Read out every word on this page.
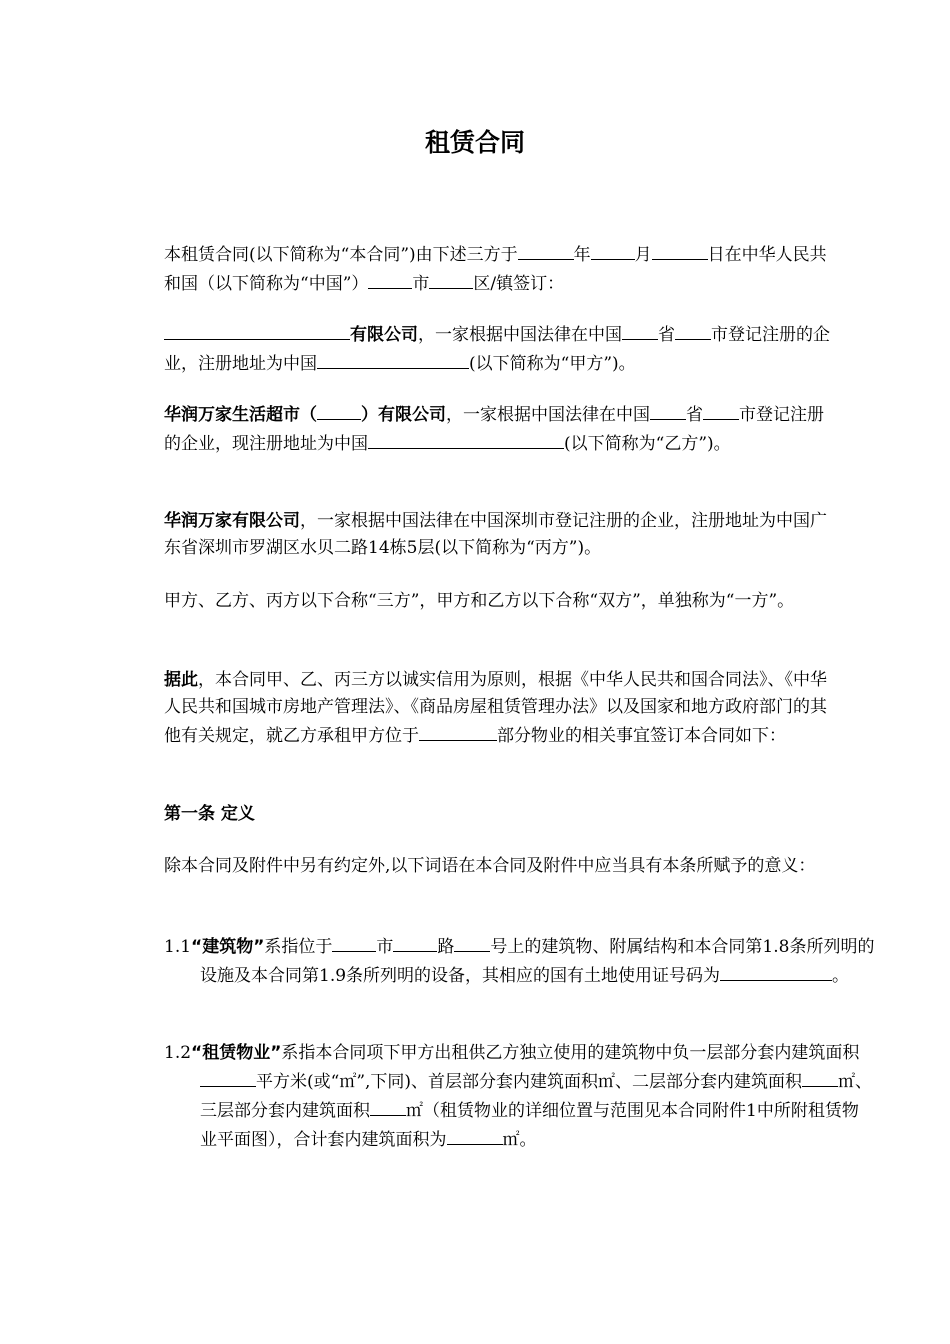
租赁合同
本租赁合同(以下简称为“本合同”)由下述三方于	年	月	日在中华人民共和国（以下简称为“中国”）	市	区/镇签订：
有限公司，一家根据中国法律在中国 省 市登记注册的企业，注册地址为中国	(以下简称为“甲方”)。
华润万家生活超市（	）有限公司，一家根据中国法律在中国 省 市登记注册的企业，现注册地址为中国	(以下简称为“乙方”)。
华润万家有限公司，一家根据中国法律在中国深圳市登记注册的企业，注册地址为中国广东省深圳市罗湖区水贝二路14栋5层(以下简称为“丙方”)。
甲方、乙方、丙方以下合称“三方”，甲方和乙方以下合称“双方”，单独称为“一方”。
据此，本合同甲、乙、丙三方以诚实信用为原则，根据《中华人民共和国合同法》、《中华人民共和国城市房地产管理法》、《商品房屋租赁管理办法》以及国家和地方政府部门的其他有关规定，就乙方承租甲方位于	部分物业的相关事宜签订本合同如下：
第一条 定义
除本合同及附件中另有约定外,以下词语在本合同及附件中应当具有本条所赋予的意义：
1.1“建筑物”系指位于	市	路 号上的建筑物、附属结构和本合同第1.8条所列明的设施及本合同第1.9条所列明的设备，其相应的国有土地使用证号码为	。
1.2“租赁物业”系指本合同项下甲方出租供乙方独立使用的建筑物中负一层部分套内建筑面积平方米(或“㎡”,下同)、首层部分套内建筑面积㎡、二层部分套内建筑面积 ㎡、三层部分套内建筑面积 ㎡（租赁物业的详细位置与范围见本合同附件1中所附租赁物业平面图），合计套内建筑面积为	㎡。
